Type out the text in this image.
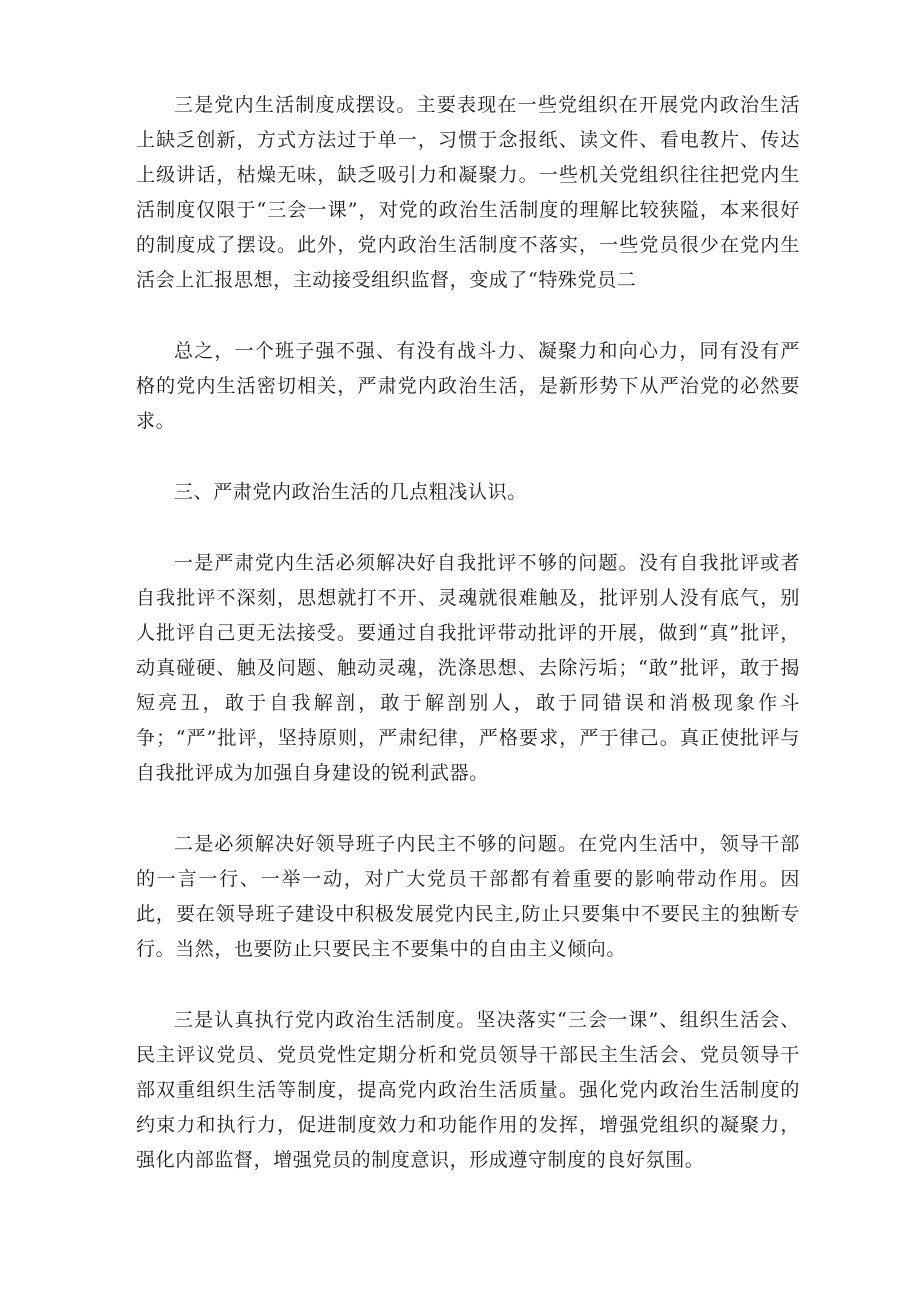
三是党内生活制度成摆设。主要表现在一些党组织在开展党内政治生活上缺乏创新，方式方法过于单一，习惯于念报纸、读文件、看电教片、传达上级讲话，枯燥无味，缺乏吸引力和凝聚力。一些机关党组织往往把党内生活制度仅限于“三会一课”，对党的政治生活制度的理解比较狭隘，本来很好的制度成了摆设。此外，党内政治生活制度不落实，一些党员很少在党内生活会上汇报思想，主动接受组织监督，变成了“特殊党员二

总之，一个班子强不强、有没有战斗力、凝聚力和向心力，同有没有严格的党内生活密切相关，严肃党内政治生活，是新形势下从严治党的必然要求。

三、严肃党内政治生活的几点粗浅认识。

一是严肃党内生活必须解决好自我批评不够的问题。没有自我批评或者自我批评不深刻，思想就打不开、灵魂就很难触及，批评别人没有底气，别人批评自己更无法接受。要通过自我批评带动批评的开展，做到“真”批评，动真碰硬、触及问题、触动灵魂，洗涤思想、去除污垢；“敢”批评，敢于揭短亮丑，敢于自我解剖，敢于解剖别人，敢于同错误和消极现象作斗争；“严”批评，坚持原则，严肃纪律，严格要求，严于律己。真正使批评与自我批评成为加强自身建设的锐利武器。

二是必须解决好领导班子内民主不够的问题。在党内生活中，领导干部的一言一行、一举一动，对广大党员干部都有着重要的影响带动作用。因此，要在领导班子建设中积极发展党内民主,防止只要集中不要民主的独断专行。当然，也要防止只要民主不要集中的自由主义倾向。

三是认真执行党内政治生活制度。坚决落实“三会一课”、组织生活会、民主评议党员、党员党性定期分析和党员领导干部民主生活会、党员领导干部双重组织生活等制度，提高党内政治生活质量。强化党内政治生活制度的约束力和执行力，促进制度效力和功能作用的发挥，增强党组织的凝聚力，强化内部监督，增强党员的制度意识，形成遵守制度的良好氛围。
